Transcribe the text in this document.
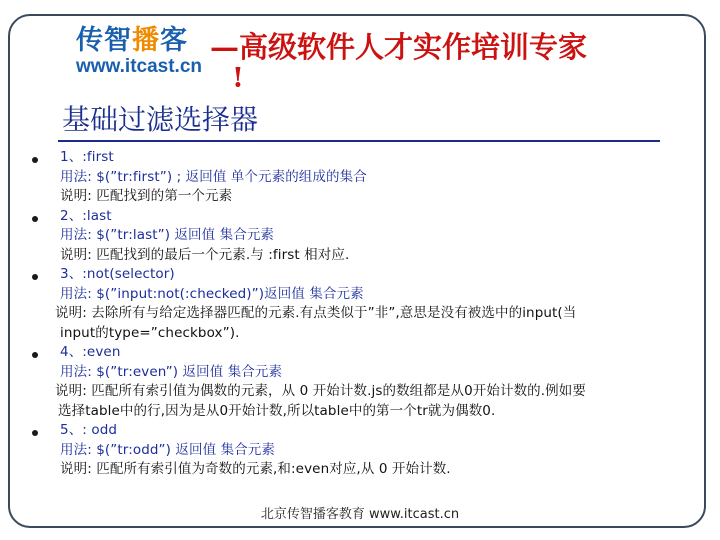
传智播客
www.itcast.cn
—高级软件人才实作培训专家
!
基础过滤选择器
1、:first
用法: $(”tr:first”) ; 返回值 单个元素的组成的集合
说明: 匹配找到的第一个元素
2、:last
用法: $(”tr:last”) 返回值 集合元素
说明: 匹配找到的最后一个元素.与 :first 相对应.
3、:not(selector)
用法: $(”input:not(:checked)”)返回值 集合元素
说明: 去除所有与给定选择器匹配的元素.有点类似于”非”,意思是没有被选中的input(当
input的type=”checkbox”).
4、:even
用法: $(”tr:even”) 返回值 集合元素
说明: 匹配所有索引值为偶数的元素，从 0 开始计数.js的数组都是从0开始计数的.例如要
选择table中的行,因为是从0开始计数,所以table中的第一个tr就为偶数0.
5、: odd
用法: $(”tr:odd”) 返回值 集合元素
说明: 匹配所有索引值为奇数的元素,和:even对应,从 0 开始计数.
北京传智播客教育 www.itcast.cn
